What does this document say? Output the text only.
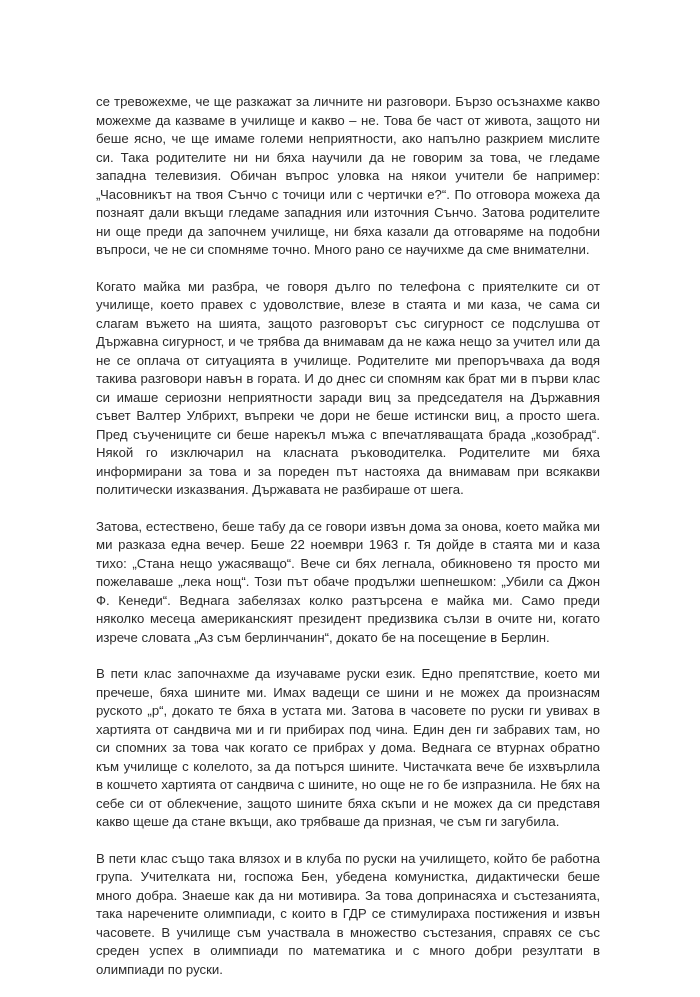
се тревожехме, че ще разкажат за личните ни разговори. Бързо осъзнахме какво можехме да казваме в училище и какво – не. Това бе част от живота, защото ни беше ясно, че ще имаме големи неприятности, ако напълно разкрием мислите си. Така родителите ни ни бяха научили да не говорим за това, че гледаме западна телевизия. Обичан въпрос уловка на някои учители бе например: „Часовникът на твоя Сънчо с точици или с чертички е?“. По отговора можеха да познаят дали вкъщи гледаме западния или източния Сънчо. Затова родителите ни още преди да започнем училище, ни бяха казали да отговаряме на подобни въпроси, че не си спомняме точно. Много рано се научихме да сме внимателни.

Когато майка ми разбра, че говоря дълго по телефона с приятелките си от училище, което правех с удоволствие, влезе в стаята и ми каза, че сама си слагам въжето на шията, защото разговорът със сигурност се подслушва от Държавна сигурност, и че трябва да внимавам да не кажа нещо за учител или да не се оплача от ситуацията в училище. Родителите ми препоръчваха да водя такива разговори навън в гората. И до днес си спомням как брат ми в първи клас си имаше сериозни неприятности заради виц за председателя на Държавния съвет Валтер Улбрихт, въпреки че дори не беше истински виц, а просто шега. Пред съучениците си беше нарекъл мъжа с впечатляващата брада „козобрад“. Някой го изключарил на класната ръководителка. Родителите ми бяха информирани за това и за пореден път настояха да внимавам при всякакви политически изказвания. Държавата не разбираше от шега.

Затова, естествено, беше табу да се говори извън дома за онова, което майка ми ми разказа една вечер. Беше 22 ноември 1963 г. Тя дойде в стаята ми и каза тихо: „Стана нещо ужасяващо“. Вече си бях легнала, обикновено тя просто ми пожелаваше „лека нощ“. Този път обаче продължи шепнешком: „Убили са Джон Ф. Кенеди“. Веднага забелязах колко разтърсена е майка ми. Само преди няколко месеца американският президент предизвика сълзи в очите ни, когато изрече словата „Аз съм берлинчанин“, докато бе на посещение в Берлин.

В пети клас започнахме да изучаваме руски език. Едно препятствие, което ми пречеше, бяха шините ми. Имах вадещи се шини и не можех да произнасям руското „р“, докато те бяха в устата ми. Затова в часовете по руски ги увивах в хартията от сандвича ми и ги прибирах под чина. Един ден ги забравих там, но си спомних за това чак когато се прибрах у дома. Веднага се втурнах обратно към училище с колелото, за да потърся шините. Чистачката вече бе изхвърлила в кошчето хартията от сандвича с шините, но още не го бе изпразнила. Не бях на себе си от облекчение, защото шините бяха скъпи и не можех да си представя какво щеше да стане вкъщи, ако трябваше да призная, че съм ги загубила.

В пети клас също така влязох и в клуба по руски на училището, който бе работна група. Учителката ни, госпожа Бен, убедена комунистка, дидактически беше много добра. Знаеше как да ни мотивира. За това допринасяха и състезанията, така наречените олимпиади, с които в ГДР се стимулираха постижения и извън часовете. В училище съм участвала в множество състезания, справях се със среден успех в олимпиади по математика и с много добри резултати в олимпиади по руски.
